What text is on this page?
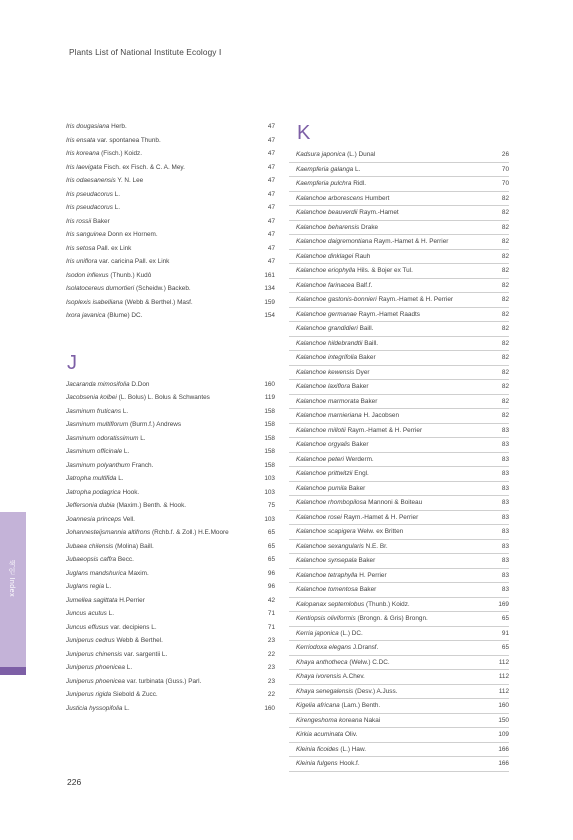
Plants List of National Institute Ecology Ⅰ
Iris dougasiana Herb.	47
Iris ensata var. spontanea Thunb.	47
Iris koreana (Fisch.) Koidz.	47
Iris laevigata Fisch. ex Fisch. & C. A. Mey.	47
Iris odaesanensis Y. N. Lee	47
Iris pseudacorus L.	47
Iris pseudacorus L.	47
Iris rossii Baker	47
Iris sanguinea Donn ex Hornem.	47
Iris setosa Pall. ex Link	47
Iris uniflora var. caricina Pall. ex Link	47
Isodon inflexus (Thunb.) Kudô	161
Isolatocereus dumortieri (Scheidw.) Backeb.	134
Isoplexis isabelliana (Webb & Berthel.) Masf.	159
Ixora javanica (Blume) DC.	154
J
Jacaranda mimosifolia D.Don	160
Jacobsenia kolbei (L. Bolus) L. Bolus & Schwantes	119
Jasminum fruticans L.	158
Jasminum multiflorum (Burm.f.) Andrews	158
Jasminum odoratissimum L.	158
Jasminum officinale L.	158
Jasminum polyanthum Franch.	158
Jatropha multifida L.	103
Jatropha podagrica Hook.	103
Jeffersonia dubia (Maxim.) Benth. & Hook.	75
Joannesia princeps Vell.	103
Johannesteijsmannia altifrons (Rchb.f. & Zoll.) H.E.Moore	65
Jubaea chilensis (Molina) Baill.	65
Jubaeopsis caffra Becc.	65
Juglans mandshurica Maxim.	96
Juglans regia L.	96
Jumellea sagittata H.Perrier	42
Juncus acutus L.	71
Juncus effusus var. decipiens L.	71
Juniperus cedrus Webb & Berthel.	23
Juniperus chinensis var. sargentii L.	22
Juniperus phoenicea L.	23
Juniperus phoenicea var. turbinata (Guss.) Parl.	23
Juniperus rigida Siebold & Zucc.	22
Justicia hyssopifolia L.	160
K
Kadsura japonica (L.) Dunal	26
Kaempferia galanga L.	70
Kaempferia pulchra Ridl.	70
Kalanchoe arborescens Humbert	82
Kalanchoe beauverdii Raym.-Hamet	82
Kalanchoe beharensis Drake	82
Kalanchoe daigremontiana Raym.-Hamet & H. Perrier	82
Kalanchoe dinklagei Rauh	82
Kalanchoe eriophylla Hils. & Bojer ex Tul.	82
Kalanchoe farinacea Balf.f.	82
Kalanchoe gastonis-bonnieri Raym.-Hamet & H. Perrier	82
Kalanchoe germanae Raym.-Hamet Raadts	82
Kalanchoe grandidieri Baill.	82
Kalanchoe hildebrandtii Baill.	82
Kalanchoe integrifolia Baker	82
Kalanchoe kewensis Dyer	82
Kalanchoe laxiflora Baker	82
Kalanchoe marmorata Baker	82
Kalanchoe marnieriana H. Jacobsen	82
Kalanchoe millotii Raym.-Hamet & H. Perrier	83
Kalanchoe orgyalis Baker	83
Kalanchoe peteri Werderm.	83
Kalanchoe prittwitzii Engl.	83
Kalanchoe pumila Baker	83
Kalanchoe rhombopilosa Mannoni & Boiteau	83
Kalanchoe rosei Raym.-Hamet & H. Perrier	83
Kalanchoe scapigera Welw. ex Britten	83
Kalanchoe sexangularis N.E. Br.	83
Kalanchoe synsepala Baker	83
Kalanchoe tetraphylla H. Perrier	83
Kalanchoe tomentosa Baker	83
Kalopanax septemlobus (Thunb.) Koidz.	169
Kentiopsis oliviformis (Brongn. & Gris) Brongn.	65
Kerria japonica (L.) DC.	91
Kerriodoxa elegans J.Dransf.	65
Khaya anthotheca (Welw.) C.DC.	112
Khaya ivorensis A.Chev.	112
Khaya senegalensis (Desv.) A.Juss.	112
Kigelia africana (Lam.) Benth.	160
Kirengeshoma koreana Nakai	150
Kirkia acuminata Oliv.	109
Kleinia ficoides (L.) Haw.	166
Kleinia fulgens Hook.f.	166
색인 Index
226
